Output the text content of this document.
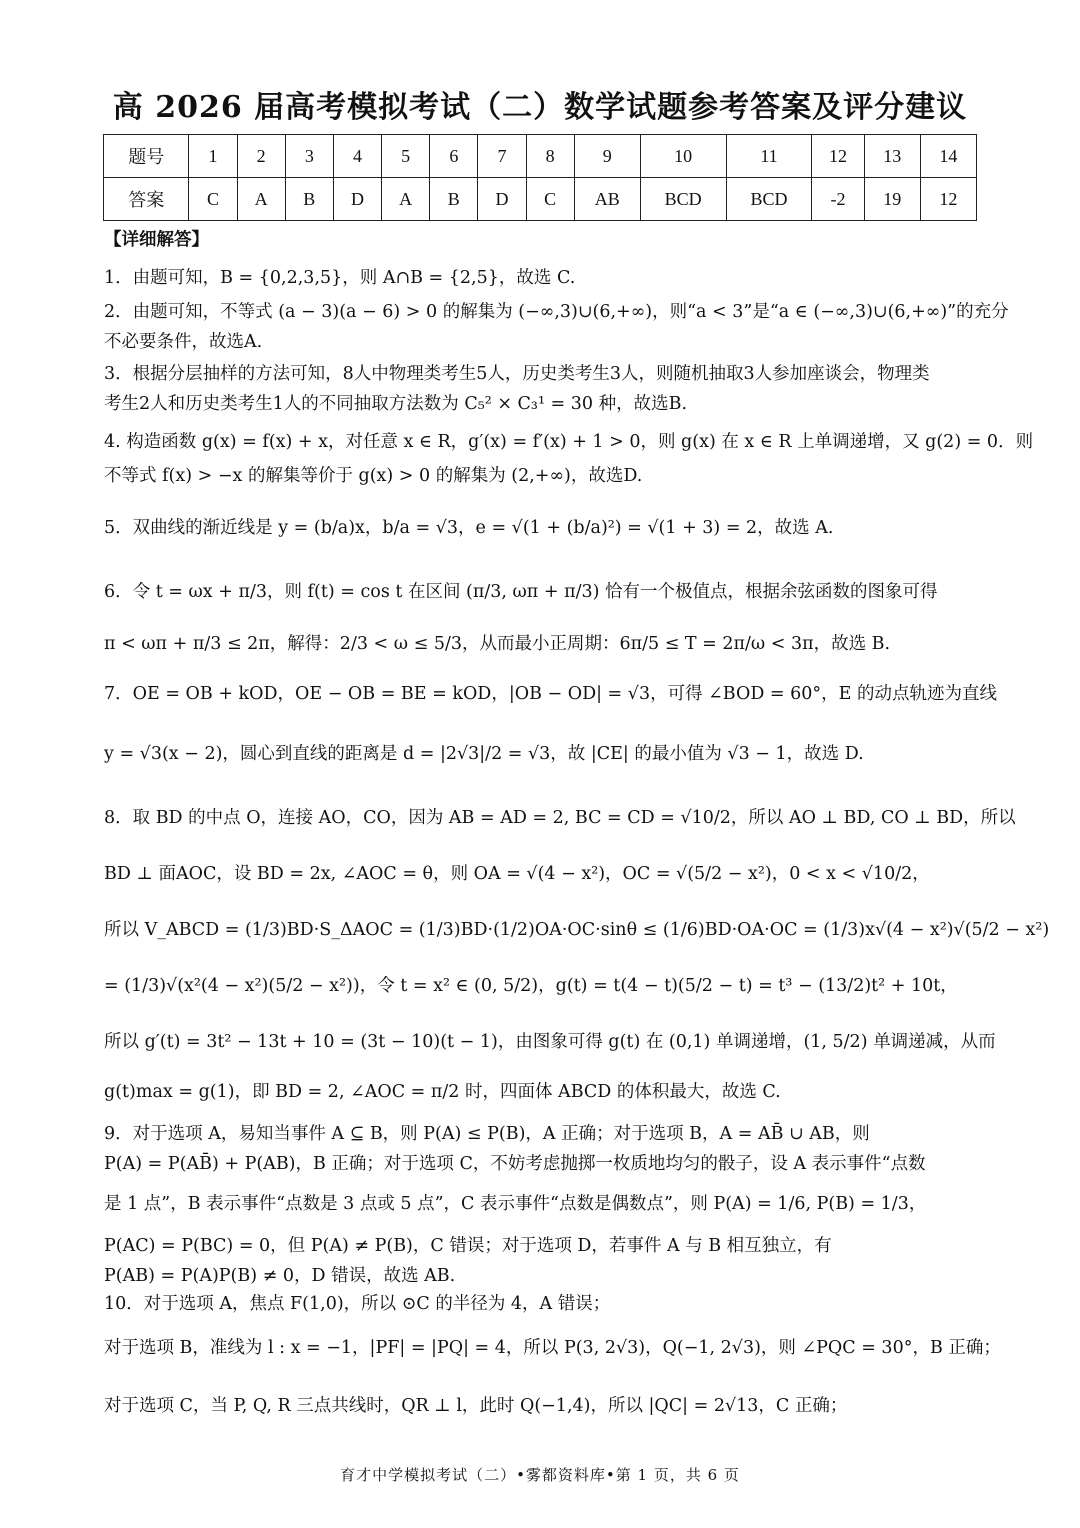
高 2026 届高考模拟考试（二）数学试题参考答案及评分建议
题号	1	2	3	4	5	6	7	8	9	10	11	12	13	14
答案	C	A	B	D	A	B	D	C	AB	BCD	BCD	-2	19	12
【详细解答】
1．由题可知，B = {0,2,3,5}，则 A∩B = {2,5}，故选 C.
2．由题可知，不等式 (a − 3)(a − 6) > 0 的解集为 (−∞,3)∪(6,+∞)，则“a < 3”是“a ∈ (−∞,3)∪(6,+∞)”的充分
不必要条件，故选A.
3．根据分层抽样的方法可知，8人中物理类考生5人，历史类考生3人，则随机抽取3人参加座谈会，物理类
考生2人和历史类考生1人的不同抽取方法数为 C₅² × C₃¹ = 30 种，故选B.
4. 构造函数 g(x) = f(x) + x，对任意 x ∈ R，g′(x) = f′(x) + 1 > 0，则 g(x) 在 x ∈ R 上单调递增，又 g(2) = 0．则
不等式 f(x) > −x 的解集等价于 g(x) > 0 的解集为 (2,+∞)，故选D.
5．双曲线的渐近线是 y = (b/a)x，b/a = √3，e = √(1 + (b/a)²) = √(1 + 3) = 2，故选 A.
6．令 t = ωx + π/3，则 f(t) = cos t 在区间 (π/3, ωπ + π/3) 恰有一个极值点，根据余弦函数的图象可得
π < ωπ + π/3 ≤ 2π，解得：2/3 < ω ≤ 5/3，从而最小正周期：6π/5 ≤ T = 2π/ω < 3π，故选 B.
7．OE = OB + kOD，OE − OB = BE = kOD，|OB − OD| = √3，可得 ∠BOD = 60°，E 的动点轨迹为直线
y = √3(x − 2)，圆心到直线的距离是 d = |2√3|/2 = √3，故 |CE| 的最小值为 √3 − 1，故选 D.
8．取 BD 的中点 O，连接 AO，CO，因为 AB = AD = 2, BC = CD = √10/2，所以 AO ⊥ BD, CO ⊥ BD，所以
BD ⊥ 面AOC，设 BD = 2x, ∠AOC = θ，则 OA = √(4 − x²)，OC = √(5/2 − x²)，0 < x < √10/2，
所以 V_ABCD = (1/3)BD·S_ΔAOC = (1/3)BD·(1/2)OA·OC·sinθ ≤ (1/6)BD·OA·OC = (1/3)x√(4 − x²)√(5/2 − x²)
= (1/3)√(x²(4 − x²)(5/2 − x²))，令 t = x² ∈ (0, 5/2)，g(t) = t(4 − t)(5/2 − t) = t³ − (13/2)t² + 10t，
所以 g′(t) = 3t² − 13t + 10 = (3t − 10)(t − 1)，由图象可得 g(t) 在 (0,1) 单调递增，(1, 5/2) 单调递减，从而
g(t)max = g(1)，即 BD = 2, ∠AOC = π/2 时，四面体 ABCD 的体积最大，故选 C.
9．对于选项 A，易知当事件 A ⊆ B，则 P(A) ≤ P(B)，A 正确；对于选项 B，A = AB̄ ∪ AB，则
P(A) = P(AB̄) + P(AB)，B 正确；对于选项 C，不妨考虑抛掷一枚质地均匀的骰子，设 A 表示事件“点数
是 1 点”，B 表示事件“点数是 3 点或 5 点”，C 表示事件“点数是偶数点”，则 P(A) = 1/6, P(B) = 1/3，
P(AC) = P(BC) = 0，但 P(A) ≠ P(B)，C 错误；对于选项 D，若事件 A 与 B 相互独立，有
P(AB) = P(A)P(B) ≠ 0，D 错误，故选 AB.
10．对于选项 A，焦点 F(1,0)，所以 ⊙C 的半径为 4，A 错误；
对于选项 B，准线为 l : x = −1，|PF| = |PQ| = 4，所以 P(3, 2√3)，Q(−1, 2√3)，则 ∠PQC = 30°，B 正确；
对于选项 C，当 P, Q, R 三点共线时，QR ⊥ l，此时 Q(−1,4)，所以 |QC| = 2√13，C 正确；
育才中学模拟考试（二）•雾都资料库•第 1 页，共 6 页
